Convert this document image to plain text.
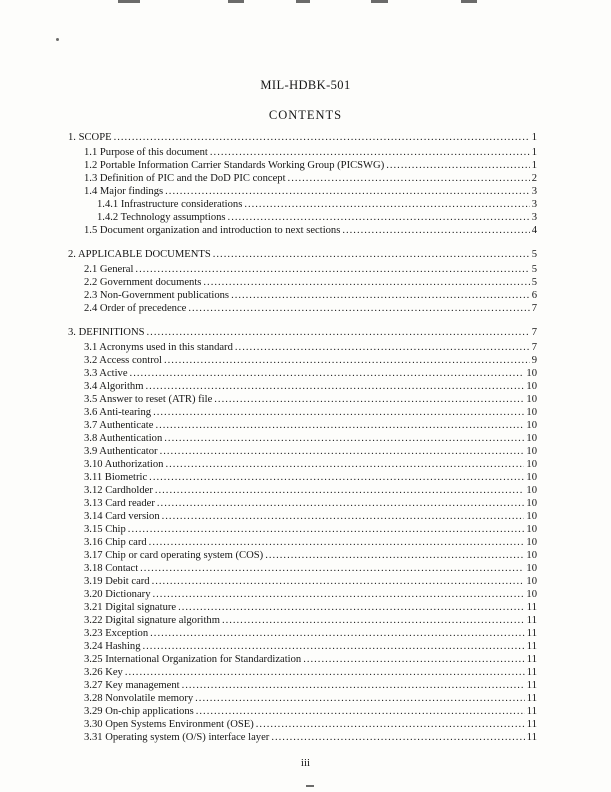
MIL-HDBK-501
CONTENTS
1. SCOPE .....	1
1.1 Purpose of this document .....	1
1.2 Portable Information Carrier Standards Working Group (PICSWG) .....	1
1.3 Definition of PIC and the DoD PIC concept .....	2
1.4 Major findings .....	3
1.4.1 Infrastructure considerations .....	3
1.4.2 Technology assumptions .....	3
1.5 Document organization and introduction to next sections .....	4
2. APPLICABLE DOCUMENTS .....	5
2.1 General .....	5
2.2 Government documents .....	5
2.3 Non-Government publications .....	6
2.4 Order of precedence .....	7
3. DEFINITIONS .....	7
3.1 Acronyms used in this standard .....	7
3.2 Access control .....	9
3.3 Active .....	10
3.4 Algorithm .....	10
3.5 Answer to reset (ATR) file .....	10
3.6 Anti-tearing .....	10
3.7 Authenticate .....	10
3.8 Authentication .....	10
3.9 Authenticator .....	10
3.10 Authorization .....	10
3.11 Biometric .....	10
3.12 Cardholder .....	10
3.13 Card reader .....	10
3.14 Card version .....	10
3.15 Chip .....	10
3.16 Chip card .....	10
3.17 Chip or card operating system (COS) .....	10
3.18 Contact .....	10
3.19 Debit card .....	10
3.20 Dictionary .....	10
3.21 Digital signature .....	11
3.22 Digital signature algorithm .....	11
3.23 Exception .....	11
3.24 Hashing .....	11
3.25 International Organization for Standardization .....	11
3.26 Key .....	11
3.27 Key management .....	11
3.28 Nonvolatile memory .....	11
3.29 On-chip applications .....	11
3.30 Open Systems Environment (OSE) .....	11
3.31 Operating system (O/S) interface layer .....	11
iii
